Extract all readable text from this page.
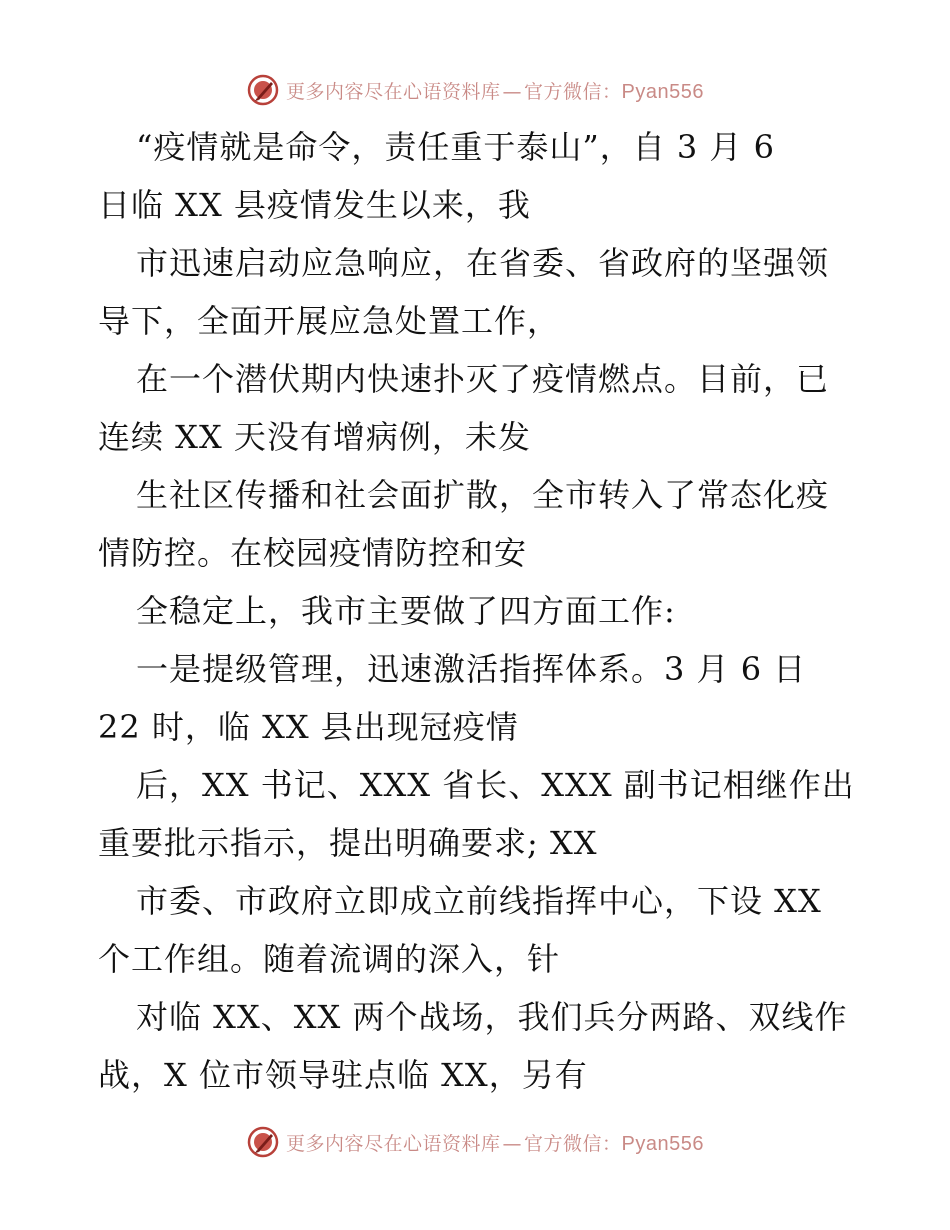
更多内容尽在心语资料库 — 官方微信：Pyan556
“疫情就是命令，责任重于泰山”，自 3 月 6
日临 XX 县疫情发生以来，我
市迅速启动应急响应，在省委、省政府的坚强领
导下，全面开展应急处置工作，
在一个潜伏期内快速扑灭了疫情燃点。目前，已
连续 XX 天没有增病例，未发
生社区传播和社会面扩散，全市转入了常态化疫
情防控。在校园疫情防控和安
全稳定上，我市主要做了四方面工作:
一是提级管理，迅速激活指挥体系。3 月 6 日
22 时，临 XX 县出现冠疫情
后，XX 书记、XXX 省长、XXX 副书记相继作出
重要批示指示，提出明确要求; XX
市委、市政府立即成立前线指挥中心，下设 XX
个工作组。随着流调的深入，针
对临 XX、XX 两个战场，我们兵分两路、双线作
战，X 位市领导驻点临 XX，另有
更多内容尽在心语资料库 — 官方微信：Pyan556
